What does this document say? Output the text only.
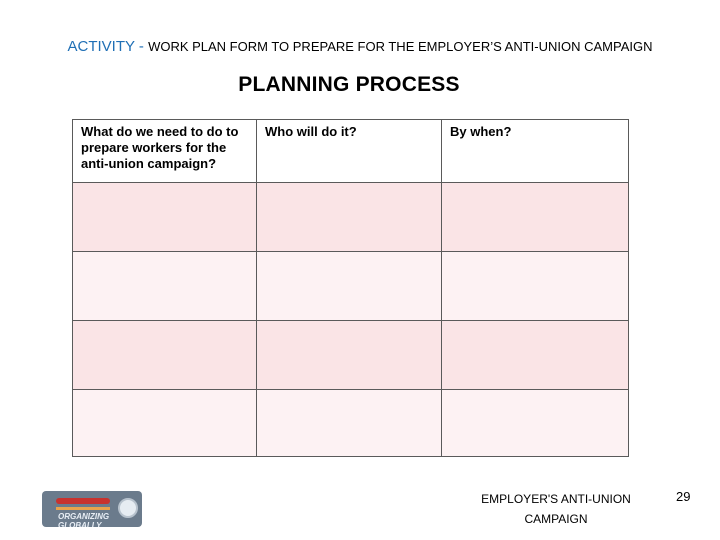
ACTIVITY - WORK PLAN FORM TO PREPARE FOR THE EMPLOYER’S ANTI-UNION CAMPAIGN
PLANNING PROCESS
What do we need to do to prepare workers for the anti-union campaign?	Who will do it?	By when?

ORGANIZING GLOBALLY
EMPLOYER'S ANTI-UNION
CAMPAIGN
29
